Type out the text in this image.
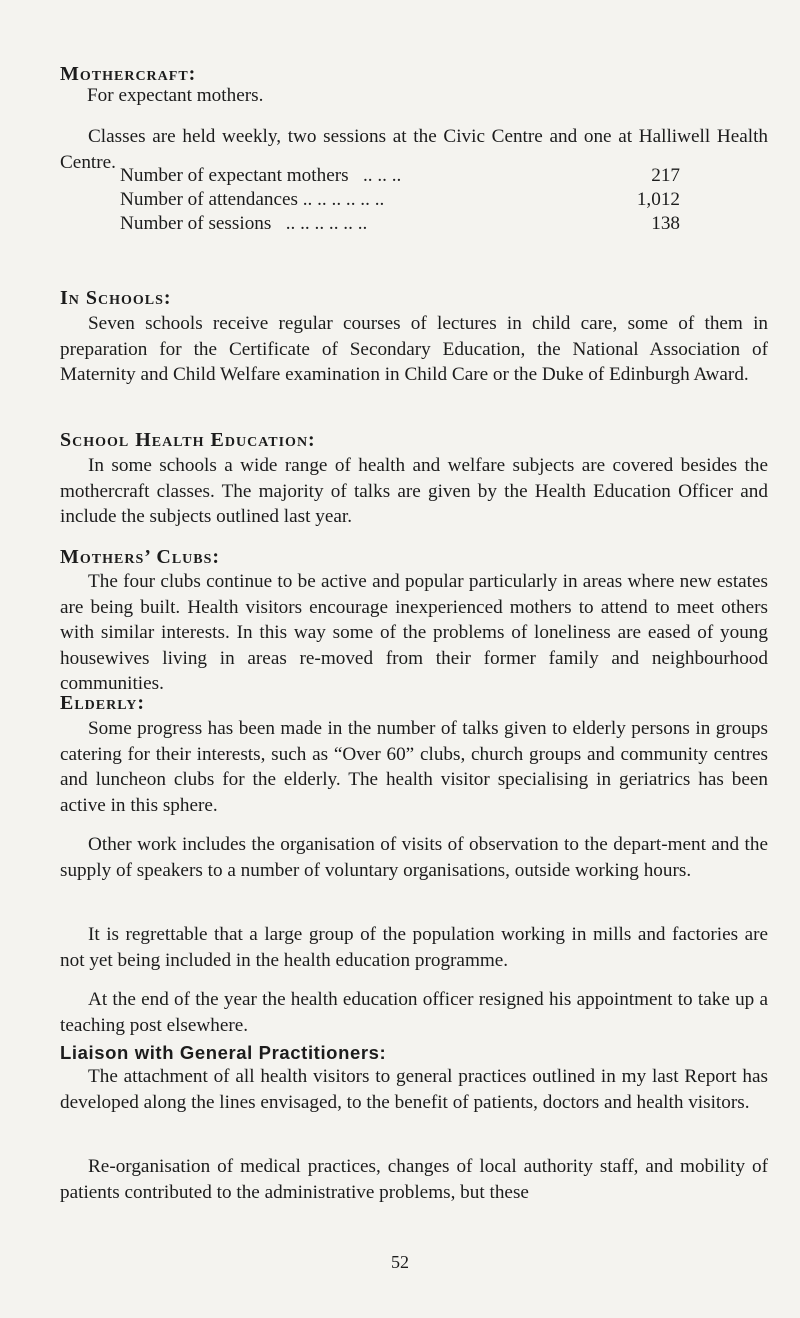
Mothercraft:

For expectant mothers.

Classes are held weekly, two sessions at the Civic Centre and one at Halliwell Health Centre.

Number of expectant mothers   .. .. ..	217
Number of attendances .. .. .. .. .. ..	1,012
Number of sessions   .. .. .. .. .. ..	138
In Schools:

Seven schools receive regular courses of lectures in child care, some of them in preparation for the Certificate of Secondary Education, the National Association of Maternity and Child Welfare examination in Child Care or the Duke of Edinburgh Award.

School Health Education:

In some schools a wide range of health and welfare subjects are covered besides the mothercraft classes. The majority of talks are given by the Health Education Officer and include the subjects outlined last year.

Mothers’ Clubs:

The four clubs continue to be active and popular particularly in areas where new estates are being built. Health visitors encourage inexperienced mothers to attend to meet others with similar interests. In this way some of the problems of loneliness are eased of young housewives living in areas re-moved from their former family and neighbourhood communities.

Elderly:

Some progress has been made in the number of talks given to elderly persons in groups catering for their interests, such as “Over 60” clubs, church groups and community centres and luncheon clubs for the elderly. The health visitor specialising in geriatrics has been active in this sphere.

Other work includes the organisation of visits of observation to the depart-ment and the supply of speakers to a number of voluntary organisations, outside working hours.

It is regrettable that a large group of the population working in mills and factories are not yet being included in the health education programme.

At the end of the year the health education officer resigned his appointment to take up a teaching post elsewhere.

Liaison with General Practitioners:

The attachment of all health visitors to general practices outlined in my last Report has developed along the lines envisaged, to the benefit of patients, doctors and health visitors.

Re-organisation of medical practices, changes of local authority staff, and mobility of patients contributed to the administrative problems, but these

52
